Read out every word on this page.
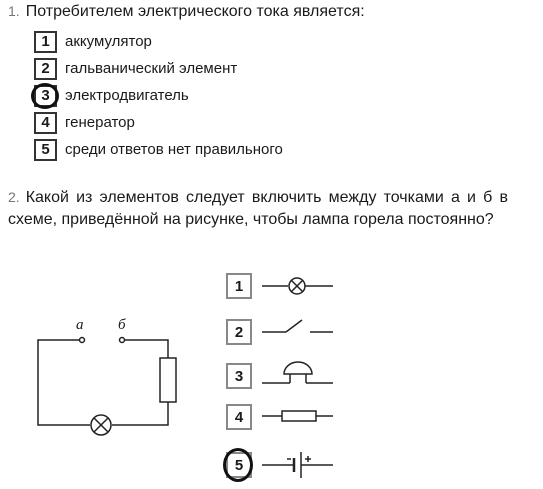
1. Потребителем электрического тока является:
1	аккумулятор
2	гальванический элемент
3	электродвигатель
4	генератор
5	среди ответов нет правильного
2. Какой из элементов следует включить между точками а и б в схеме, приведённой на рисунке, чтобы лампа горела постоянно?
а б
1
2
3
4
5
